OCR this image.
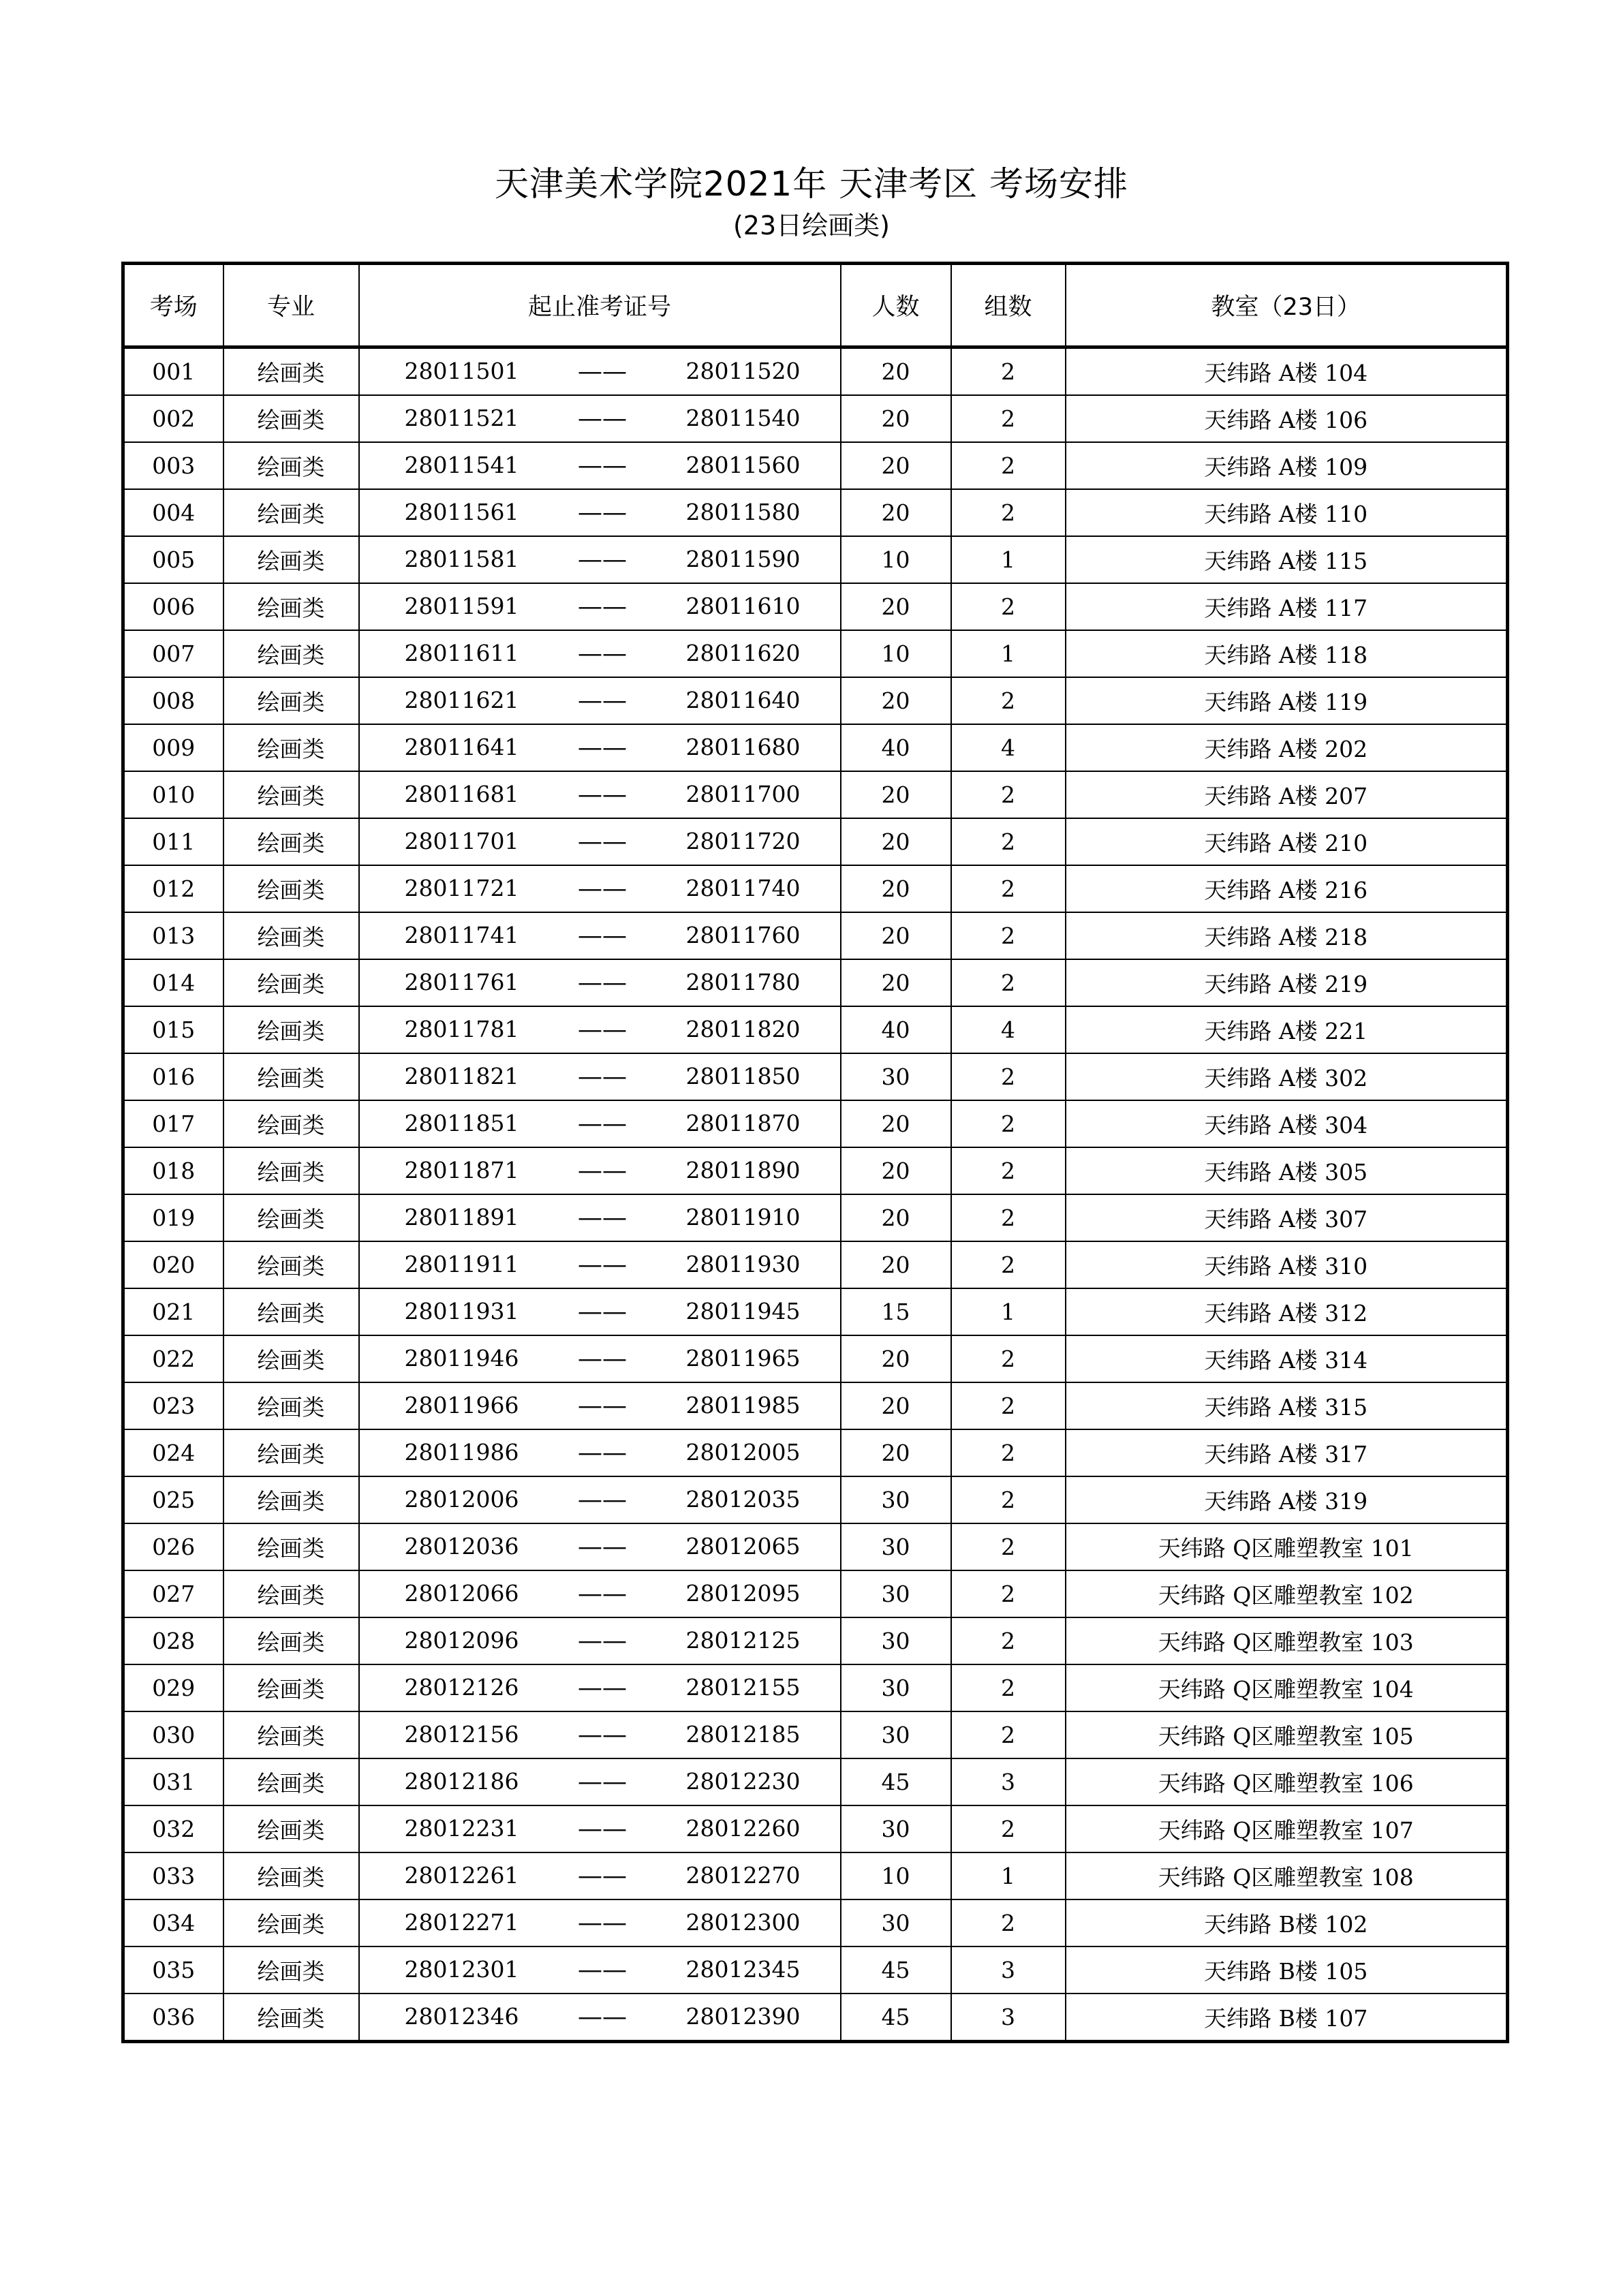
天津美术学院2021年 天津考区 考场安排
(23日绘画类)
考场	专业	起止准考证号	人数	组数	教室（23日）
001	绘画类	28011501 —— 28011520	20	2	天纬路 A楼 104
002	绘画类	28011521 —— 28011540	20	2	天纬路 A楼 106
003	绘画类	28011541 —— 28011560	20	2	天纬路 A楼 109
004	绘画类	28011561 —— 28011580	20	2	天纬路 A楼 110
005	绘画类	28011581 —— 28011590	10	1	天纬路 A楼 115
006	绘画类	28011591 —— 28011610	20	2	天纬路 A楼 117
007	绘画类	28011611 —— 28011620	10	1	天纬路 A楼 118
008	绘画类	28011621 —— 28011640	20	2	天纬路 A楼 119
009	绘画类	28011641 —— 28011680	40	4	天纬路 A楼 202
010	绘画类	28011681 —— 28011700	20	2	天纬路 A楼 207
011	绘画类	28011701 —— 28011720	20	2	天纬路 A楼 210
012	绘画类	28011721 —— 28011740	20	2	天纬路 A楼 216
013	绘画类	28011741 —— 28011760	20	2	天纬路 A楼 218
014	绘画类	28011761 —— 28011780	20	2	天纬路 A楼 219
015	绘画类	28011781 —— 28011820	40	4	天纬路 A楼 221
016	绘画类	28011821 —— 28011850	30	2	天纬路 A楼 302
017	绘画类	28011851 —— 28011870	20	2	天纬路 A楼 304
018	绘画类	28011871 —— 28011890	20	2	天纬路 A楼 305
019	绘画类	28011891 —— 28011910	20	2	天纬路 A楼 307
020	绘画类	28011911 —— 28011930	20	2	天纬路 A楼 310
021	绘画类	28011931 —— 28011945	15	1	天纬路 A楼 312
022	绘画类	28011946 —— 28011965	20	2	天纬路 A楼 314
023	绘画类	28011966 —— 28011985	20	2	天纬路 A楼 315
024	绘画类	28011986 —— 28012005	20	2	天纬路 A楼 317
025	绘画类	28012006 —— 28012035	30	2	天纬路 A楼 319
026	绘画类	28012036 —— 28012065	30	2	天纬路 Q区雕塑教室 101
027	绘画类	28012066 —— 28012095	30	2	天纬路 Q区雕塑教室 102
028	绘画类	28012096 —— 28012125	30	2	天纬路 Q区雕塑教室 103
029	绘画类	28012126 —— 28012155	30	2	天纬路 Q区雕塑教室 104
030	绘画类	28012156 —— 28012185	30	2	天纬路 Q区雕塑教室 105
031	绘画类	28012186 —— 28012230	45	3	天纬路 Q区雕塑教室 106
032	绘画类	28012231 —— 28012260	30	2	天纬路 Q区雕塑教室 107
033	绘画类	28012261 —— 28012270	10	1	天纬路 Q区雕塑教室 108
034	绘画类	28012271 —— 28012300	30	2	天纬路 B楼 102
035	绘画类	28012301 —— 28012345	45	3	天纬路 B楼 105
036	绘画类	28012346 —— 28012390	45	3	天纬路 B楼 107
